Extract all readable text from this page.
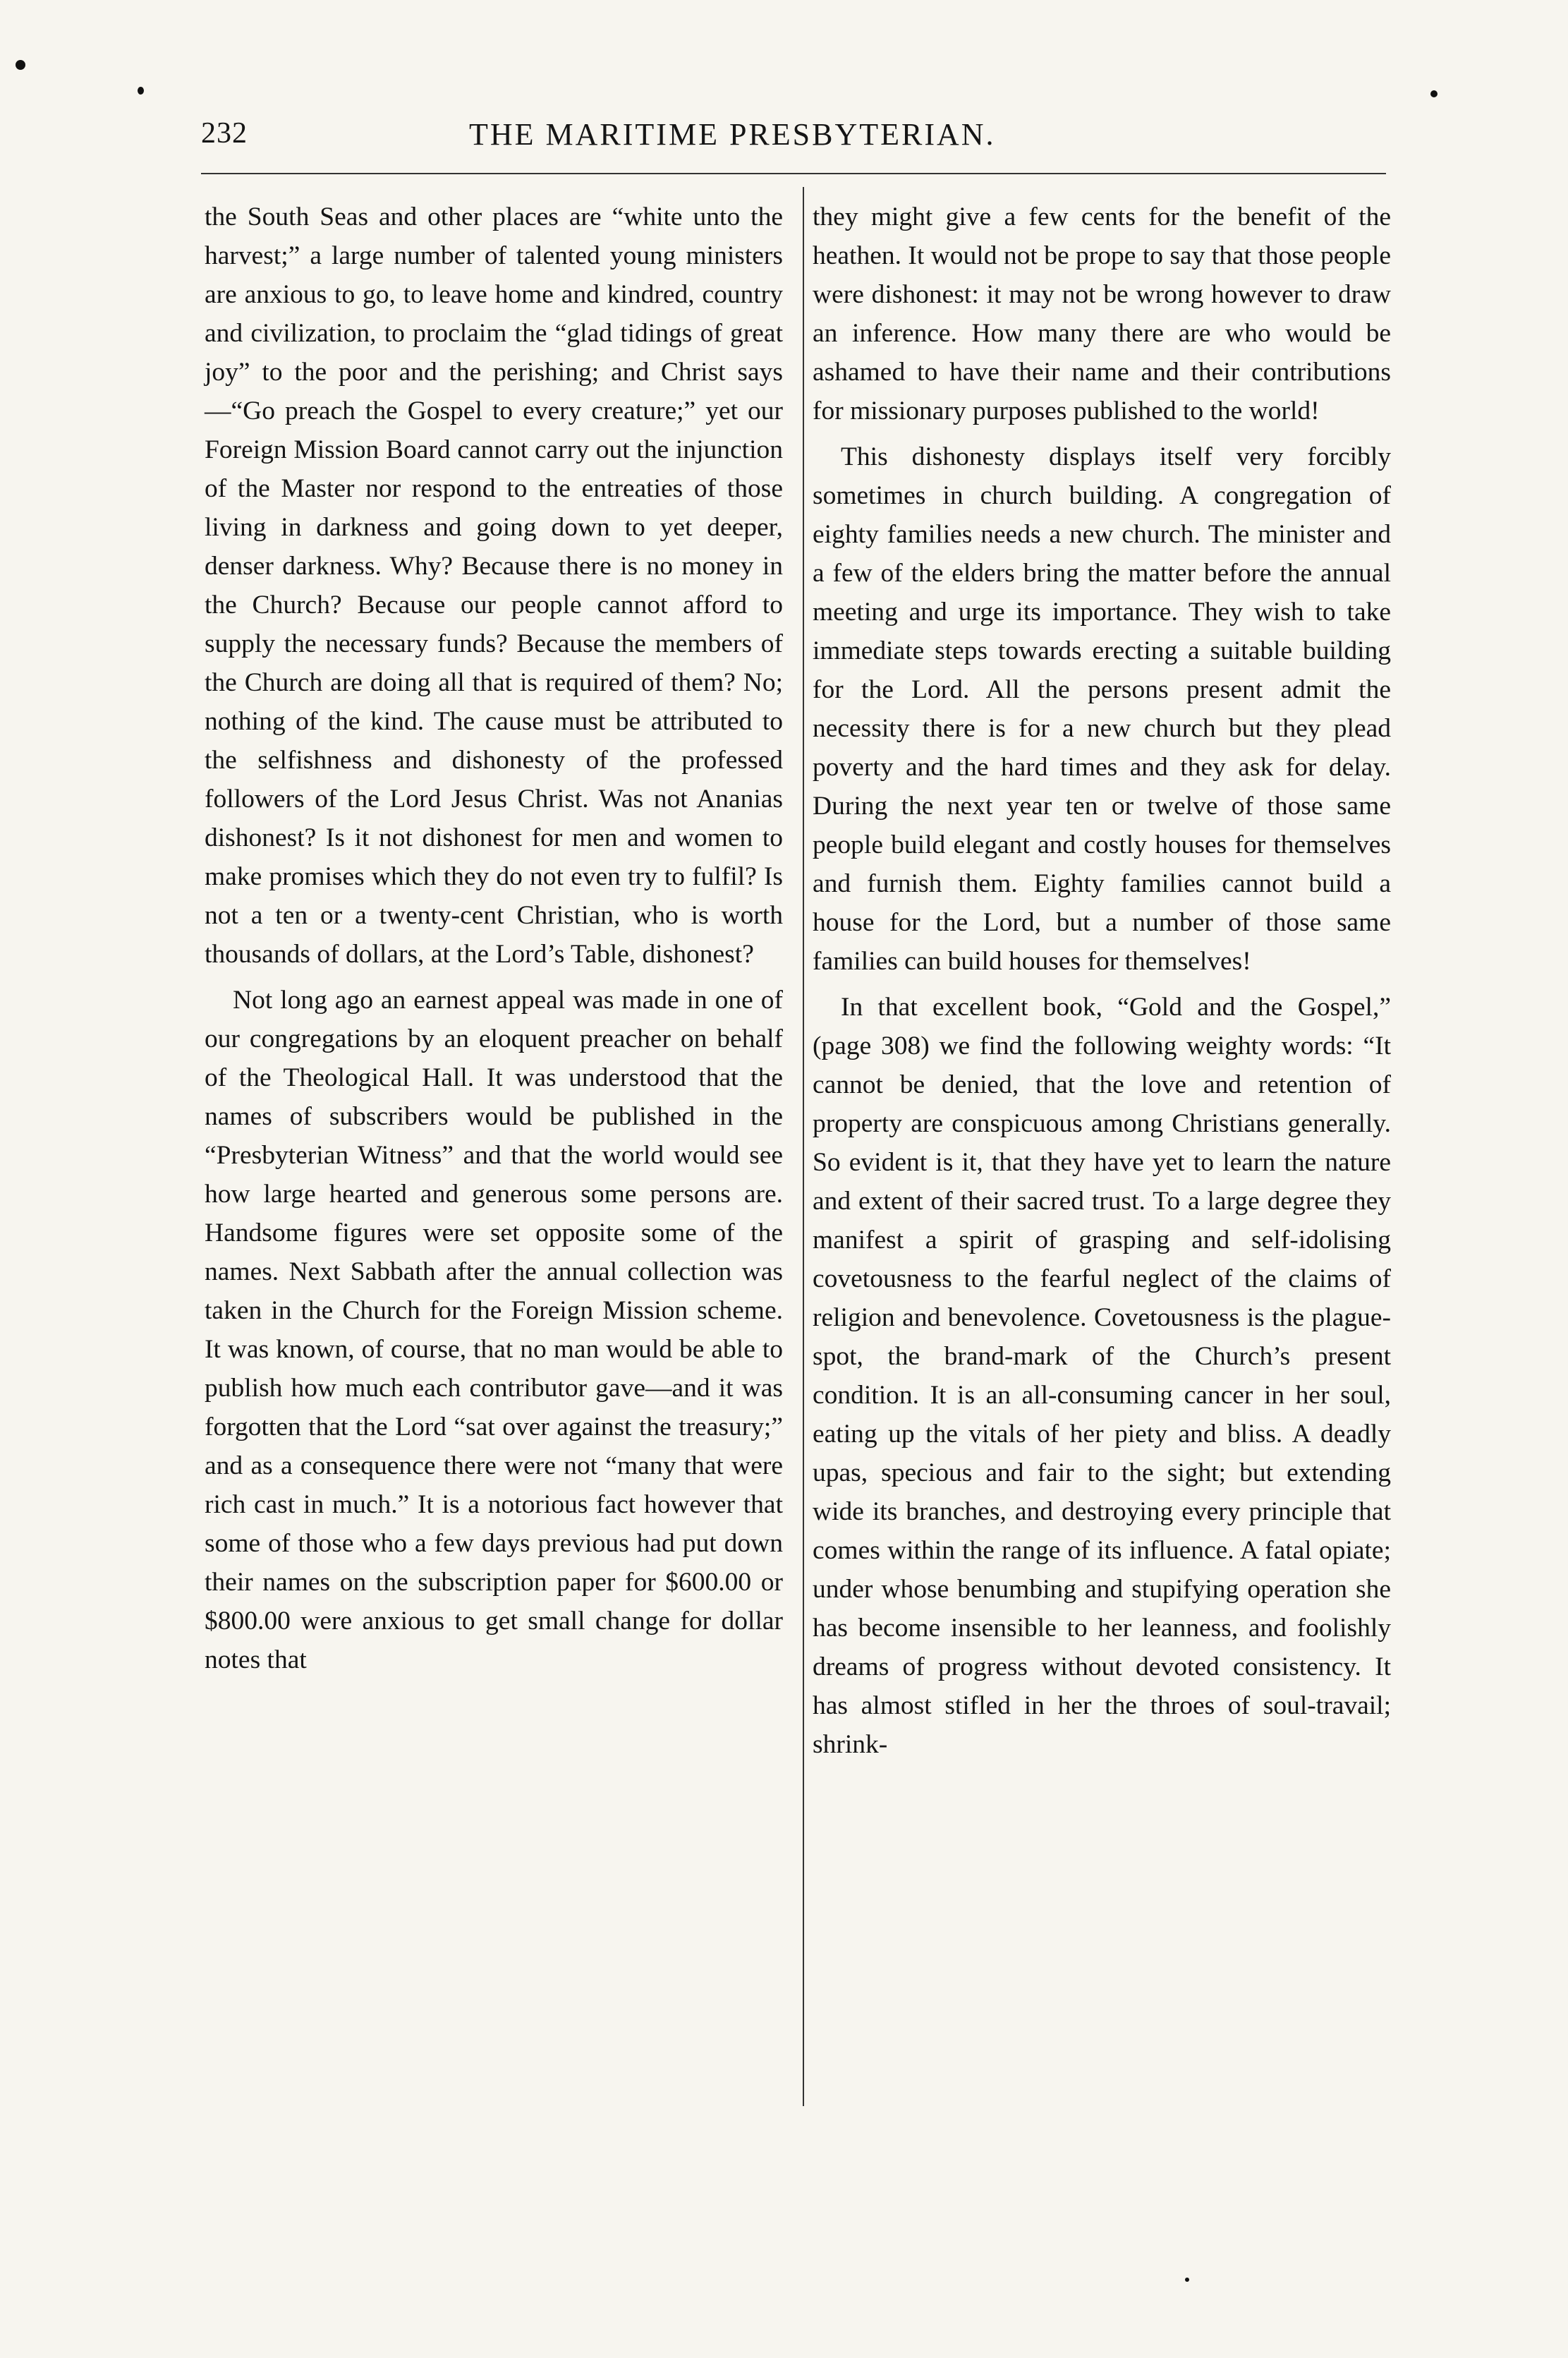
232	THE MARITIME PRESBYTERIAN.

the South Seas and other places are “white unto the harvest;” a large number of talented young ministers are anxious to go, to leave home and kindred, country and civilization, to proclaim the “glad tidings of great joy” to the poor and the perishing; and Christ says—“Go preach the Gospel to every creature;” yet our Foreign Mission Board cannot carry out the injunction of the Master nor respond to the entreaties of those living in darkness and going down to yet deeper, denser darkness. Why? Because there is no money in the Church? Because our people cannot afford to supply the necessary funds? Because the members of the Church are doing all that is required of them? No; nothing of the kind. The cause must be attributed to the selfishness and dishonesty of the professed followers of the Lord Jesus Christ. Was not Ananias dishonest? Is it not dishonest for men and women to make promises which they do not even try to fulfil? Is not a ten or a twenty-cent Christian, who is worth thousands of dollars, at the Lord’s Table, dishonest?

Not long ago an earnest appeal was made in one of our congregations by an eloquent preacher on behalf of the Theological Hall. It was understood that the names of subscribers would be published in the “Presbyterian Witness” and that the world would see how large hearted and generous some persons are. Handsome figures were set opposite some of the names. Next Sabbath after the annual collection was taken in the Church for the Foreign Mission scheme. It was known, of course, that no man would be able to publish how much each contributor gave—and it was forgotten that the Lord “sat over against the treasury;” and as a consequence there were not “many that were rich cast in much.” It is a notorious fact however that some of those who a few days previous had put down their names on the subscription paper for $600.00 or $800.00 were anxious to get small change for dollar notes that

they might give a few cents for the benefit of the heathen. It would not be prope to say that those people were dishonest: it may not be wrong however to draw an inference. How many there are who would be ashamed to have their name and their contributions for missionary purposes published to the world!

This dishonesty displays itself very forcibly sometimes in church building. A congregation of eighty families needs a new church. The minister and a few of the elders bring the matter before the annual meeting and urge its importance. They wish to take immediate steps towards erecting a suitable building for the Lord. All the persons present admit the necessity there is for a new church but they plead poverty and the hard times and they ask for delay. During the next year ten or twelve of those same people build elegant and costly houses for themselves and furnish them. Eighty families cannot build a house for the Lord, but a number of those same families can build houses for themselves!

In that excellent book, “Gold and the Gospel,” (page 308) we find the following weighty words: “It cannot be denied, that the love and retention of property are conspicuous among Christians generally. So evident is it, that they have yet to learn the nature and extent of their sacred trust. To a large degree they manifest a spirit of grasping and self-idolising covetousness to the fearful neglect of the claims of religion and benevolence. Covetousness is the plague-spot, the brand-mark of the Church’s present condition. It is an all-consuming cancer in her soul, eating up the vitals of her piety and bliss. A deadly upas, specious and fair to the sight; but extending wide its branches, and destroying every principle that comes within the range of its influence. A fatal opiate; under whose benumbing and stupifying operation she has become insensible to her leanness, and foolishly dreams of progress without devoted consistency. It has almost stifled in her the throes of soul-travail; shrink-
